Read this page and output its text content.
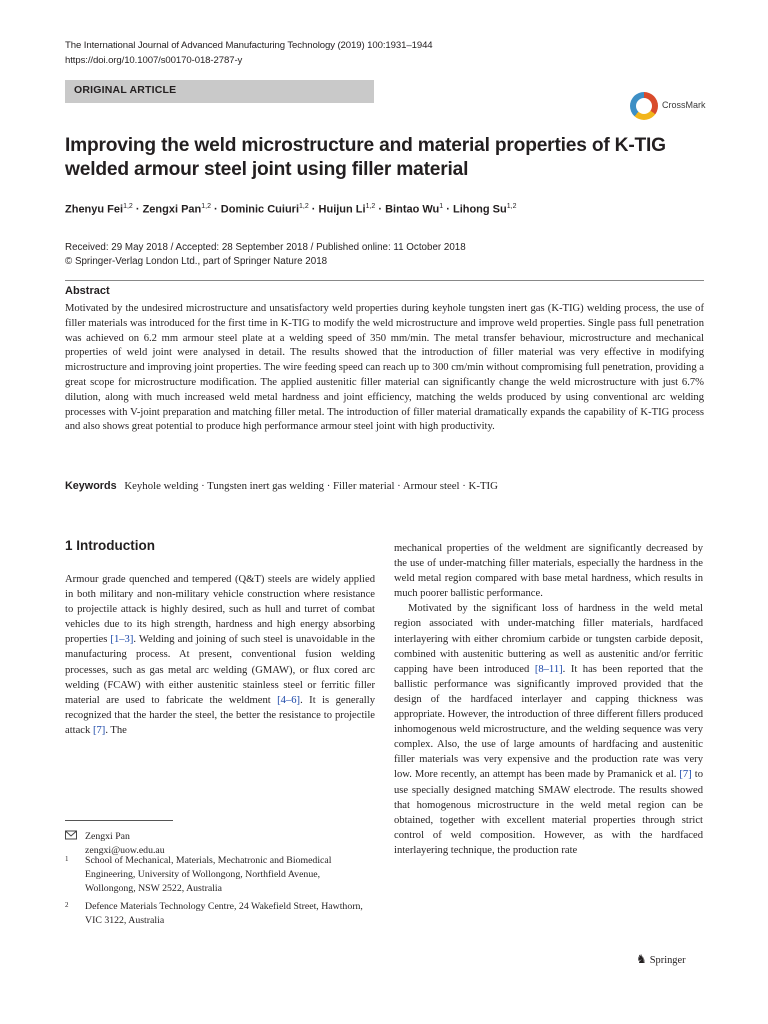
The International Journal of Advanced Manufacturing Technology (2019) 100:1931–1944
https://doi.org/10.1007/s00170-018-2787-y
ORIGINAL ARTICLE
CrossMark
Improving the weld microstructure and material properties of K-TIG welded armour steel joint using filler material
Zhenyu Fei$^{1,2}$ · Zengxi Pan$^{1,2}$ · Dominic Cuiuri$^{1,2}$ · Huijun Li$^{1,2}$ · Bintao $Wu^1$ · Lihong Su$^{1,2}$
Received: 29 May 2018 / Accepted: 28 September 2018 / Published online: 11 October 2018
© Springer-Verlag London Ltd., part of Springer Nature 2018
Abstract

Motivated by the undesired microstructure and unsatisfactory weld properties during keyhole tungsten inert gas (K-TIG) welding process, the use of filler materials was introduced for the first time in K-TIG to modify the weld microstructure and improve weld properties. Single pass full penetration was achieved on 6.2 mm armour steel plate at a welding speed of 350 mm/min. The metal transfer behaviour, microstructure and mechanical properties of weld joint were analysed in detail. The results showed that the introduction of filler material was very effective in modifying microstructure and improving joint properties. The wire feeding speed can reach up to 300 cm/min without compromising full penetration, providing a great scope for microstructure modification. The applied austenitic filler material can significantly change the weld microstructure with just 6.7% dilution, along with much increased weld metal hardness and joint efficiency, matching the welds produced by using conventional arc welding processes with V-joint preparation and matching filler metal. The introduction of filler material dramatically expands the capability of K-TIG process and also shows great potential to produce high performance armour steel joint with high productivity.

Keywords Keyhole welding · Tungsten inert gas welding · Filler material · Armour steel · K-TIG
1 Introduction

Armour grade quenched and tempered (Q&T) steels are widely applied in both military and non-military vehicle construction where resistance to projectile attack is highly desired, such as hull and turret of combat vehicles due to its high strength, hardness and high energy absorbing properties [1–3]. Welding and joining of such steel is unavoidable in the manufacturing process. At present, conventional fusion welding processes, such as gas metal arc welding (GMAW), or flux cored arc welding (FCAW) with either austenitic stainless steel or ferritic filler material are used to fabricate the weldment [4–6]. It is generally recognized that the harder the steel, the better the resistance to projectile attack [7]. The

mechanical properties of the weldment are significantly decreased by the use of under-matching filler materials, especially the hardness in the weld metal region compared with base metal hardness, which results in much poorer ballistic performance.

Motivated by the significant loss of hardness in the weld metal region associated with under-matching filler materials, hardfaced interlayering with either chromium carbide or tungsten carbide deposit, combined with austenitic buttering as well as austenitic and/or ferritic capping have been introduced [8–11]. It has been reported that the ballistic performance was significantly improved provided that the design of the hardfaced interlayer and capping thickness was appropriate. However, the introduction of three different fillers produced inhomogenous weld microstructure, and the welding sequence was very complex. Also, the use of large amounts of hardfacing and austenitic filler materials was very expensive and the production rate was very low. More recently, an attempt has been made by Pramanick et al. [7] to use specially designed matching SMAW electrode. The results showed that homogenous microstructure in the weld metal region can be obtained, together with excellent material properties through strict control of weld composition. However, as with the hardfaced interlayering technique, the production rate

Zengxi Pan
zengxi@uow.edu.au
1 School of Mechanical, Materials, Mechatronic and Biomedical Engineering, University of Wollongong, Northfield Avenue, Wollongong, NSW 2522, Australia
2 Defence Materials Technology Centre, 24 Wakefield Street, Hawthorn, VIC 3122, Australia
♞ Springer
